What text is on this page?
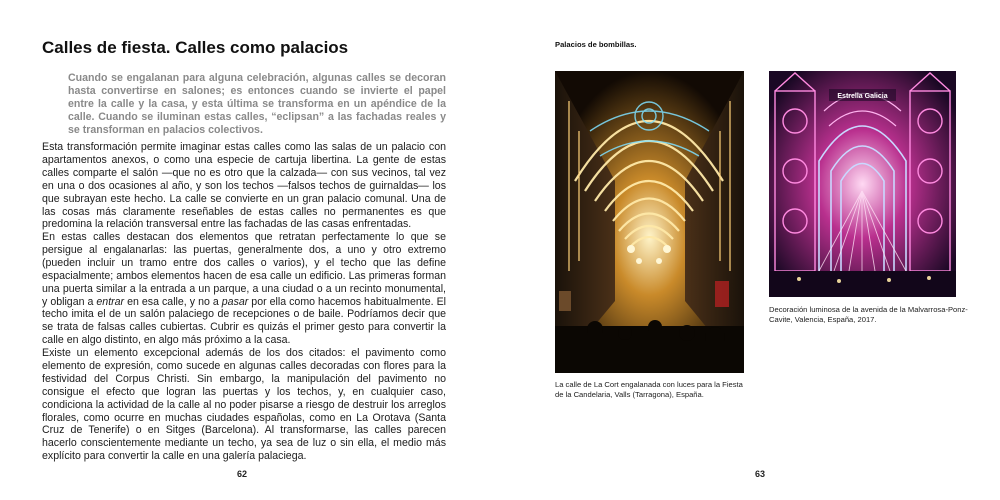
Calles de fiesta. Calles como palacios

Cuando se engalanan para alguna celebración, algunas calles se decoran hasta convertirse en salones; es entonces cuando se invierte el papel entre la calle y la casa, y esta última se transforma en un apéndice de la calle. Cuando se iluminan estas calles, “eclipsan” a las fachadas reales y se transforman en palacios colectivos.

Esta transformación permite imaginar estas calles como las salas de un palacio con apartamentos anexos, o como una especie de cartuja libertina. La gente de estas calles comparte el salón —que no es otro que la calzada— con sus vecinos, tal vez en una o dos ocasiones al año, y son los techos —falsos techos de guirnaldas— los que subrayan este hecho. La calle se convierte en un gran palacio comunal. Una de las cosas más claramente reseñables de estas calles no permanentes es que predomina la relación transversal entre las fachadas de las casas enfrentadas.

En estas calles destacan dos elementos que retratan perfectamente lo que se persigue al engalanarlas: las puertas, generalmente dos, a uno y otro extremo (pueden incluir un tramo entre dos calles o varios), y el techo que las define espacialmente; ambos elementos hacen de esa calle un edificio. Las primeras forman una puerta similar a la entrada a un parque, a una ciudad o a un recinto monumental, y obligan a entrar en esa calle, y no a pasar por ella como hacemos habitualmente. El techo imita el de un salón palaciego de recepciones o de baile. Podríamos decir que se trata de falsas calles cubiertas. Cubrir es quizás el primer gesto para convertir la calle en algo distinto, en algo más próximo a la casa.

Existe un elemento excepcional además de los dos citados: el pavimento como elemento de expresión, como sucede en algunas calles decoradas con flores para la festividad del Corpus Christi. Sin embargo, la manipulación del pavimento no consigue el efecto que logran las puertas y los techos, y, en cualquier caso, condiciona la actividad de la calle al no poder pisarse a riesgo de destruir los arreglos florales, como ocurre en muchas ciudades españolas, como en La Orotava (Santa Cruz de Tenerife) o en Sitges (Barcelona). Al transformarse, las calles parecen hacerlo conscientemente mediante un techo, ya sea de luz o sin ella, el medio más explícito para convertir la calle en una galería palaciega.

62
Palacios de bombillas.
La calle de La Cort engalanada con luces para la Fiesta de la Candelaria, Valls (Tarragona), España.
Estrella Galicia
Decoración luminosa de la avenida de la Malvarrosa-Ponz-Cavite, Valencia, España, 2017.
63
